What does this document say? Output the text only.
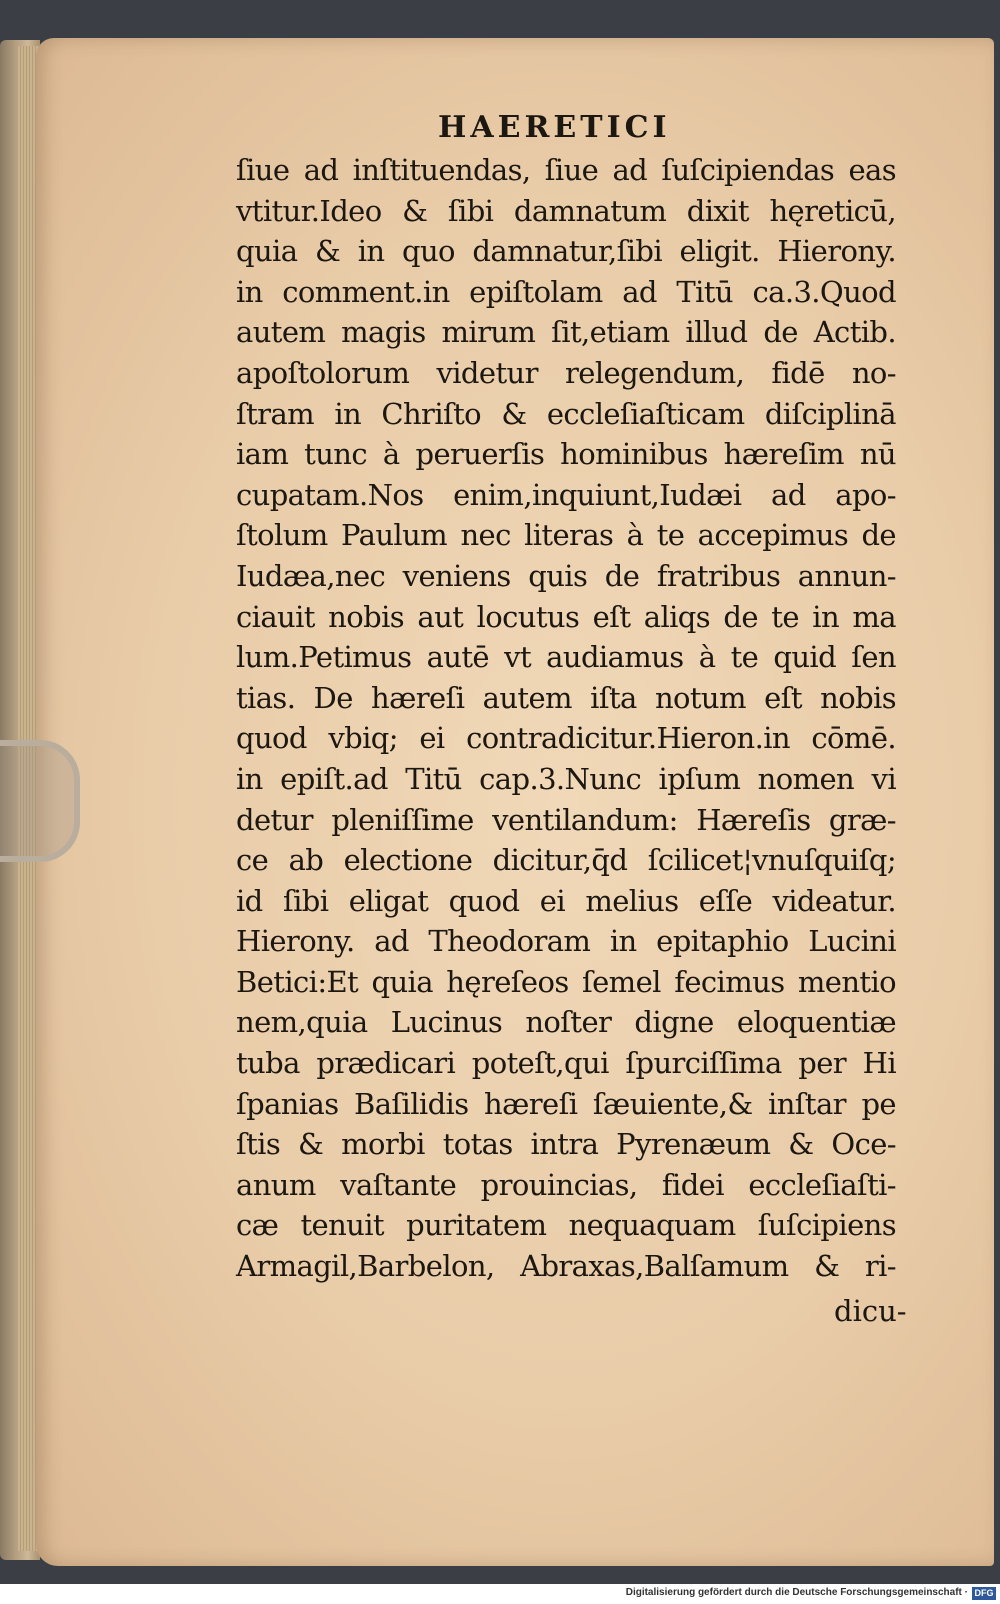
HAERETICI

ſiue ad inſtituendas, ſiue ad ſuſcipiendas eas
vtitur.Ideo & ſibi damnatum dixit hęreticū,
quia & in quo damnatur,ſibi eligit. Hierony.
in comment.in epiſtolam ad Titū ca.3.Quod
autem magis mirum ſit,etiam illud de Actib.
apoſtolorum videtur relegendum, fidē no-
ſtram in Chriſto & eccleſiaſticam diſciplinā
iam tunc à peruerſis hominibus hæreſim nū
cupatam.Nos enim,inquiunt,Iudæi ad apo-
ſtolum Paulum nec literas à te accepimus de
Iudæa,nec veniens quis de fratribus annun-
ciauit nobis aut locutus eſt aliqs de te in ma
lum.Petimus autē vt audiamus à te quid ſen
tias. De hæreſi autem iſta notum eſt nobis
quod vbiq; ei contradicitur.Hieron.in cōmē.
in epiſt.ad Titū cap.3.Nunc ipſum nomen vi
detur pleniſſime ventilandum: Hæreſis græ-
ce ab electione dicitur,q̄d ſcilicet¦vnuſquiſq;
id ſibi eligat quod ei melius eſſe videatur.
Hierony. ad Theodoram in epitaphio Lucini
Betici:Et quia hęreſeos ſemel fecimus mentio
nem,quia Lucinus noſter digne eloquentiæ
tuba prædicari poteſt,qui ſpurciſſima per Hi
ſpanias Baſilidis hæreſi ſæuiente,& inſtar pe
ſtis & morbi totas intra Pyrenæum & Oce-
anum vaſtante prouincias, fidei eccleſiaſti-
cæ tenuit puritatem nequaquam ſuſcipiens
Armagil,Barbelon, Abraxas,Balſamum & ri-

dicu-

Digitalisierung gefördert durch die Deutsche Forschungsgemeinschaft · DFG
